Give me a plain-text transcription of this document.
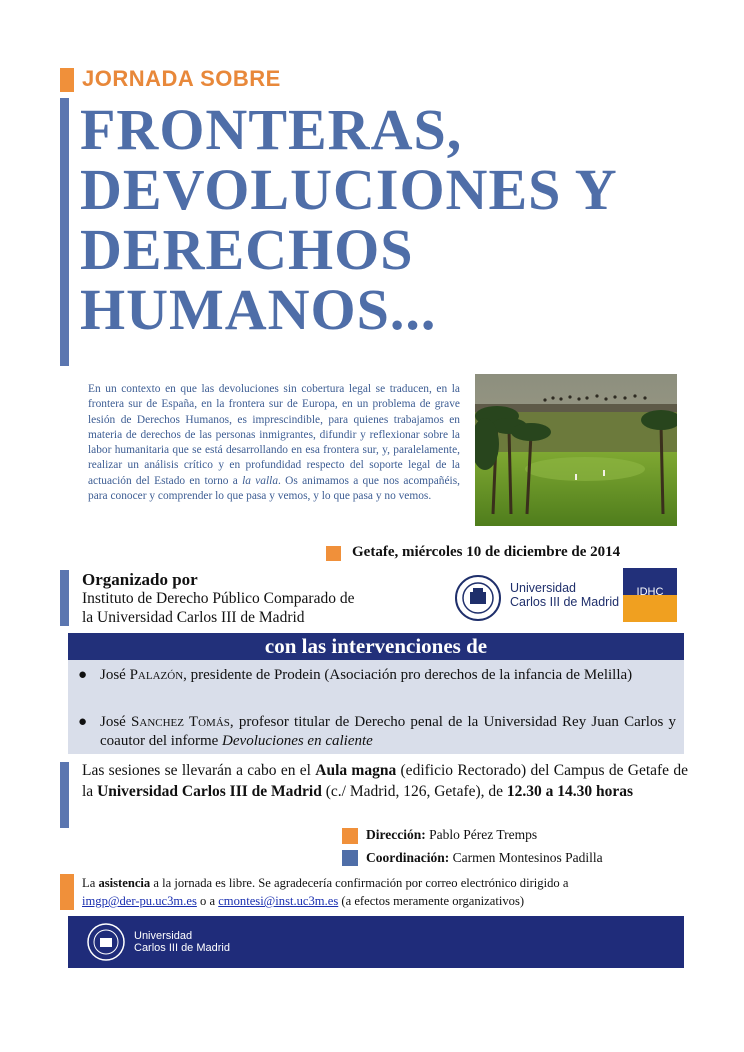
JORNADA SOBRE
FRONTERAS,
DEVOLUCIONES Y
DERECHOS
HUMANOS...
En un contexto en que las devoluciones sin cobertura legal se traducen, en la frontera sur de España, en la frontera sur de Europa, en un problema de grave lesión de Derechos Humanos, es imprescindible, para quienes trabajamos en materia de derechos de las personas inmigrantes, difundir y reflexionar sobre la labor humanitaria que se está desarrollando en esa frontera sur, y, paralelamente, realizar un análisis crítico y en profundidad respecto del soporte legal de la actuación del Estado en torno a la valla. Os animamos a que nos acompañéis, para conocer y comprender lo que pasa y vemos, y lo que pasa y no vemos.
Getafe, miércoles 10 de diciembre de 2014
Organizado por
Instituto de Derecho Público Comparado de
la Universidad Carlos III de Madrid
Universidad
Carlos III de Madrid
IDHC
con las intervenciones de
● José Palazón, presidente de Prodein (Asociación pro derechos de la infancia de Melilla)
● José Sanchez Tomás, profesor titular de Derecho penal de la Universidad Rey Juan Carlos y coautor del informe Devoluciones en caliente
Las sesiones se llevarán a cabo en el Aula magna (edificio Rectorado) del Campus de Getafe de la Universidad Carlos III de Madrid (c./ Madrid, 126, Getafe), de 12.30 a 14.30 horas
Dirección: Pablo Pérez Tremps
Coordinación: Carmen Montesinos Padilla
La asistencia a la jornada es libre. Se agradecería confirmación por correo electrónico dirigido a
imgp@der-pu.uc3m.es o a cmontesi@inst.uc3m.es (a efectos meramente organizativos)
Universidad
Carlos III de Madrid
